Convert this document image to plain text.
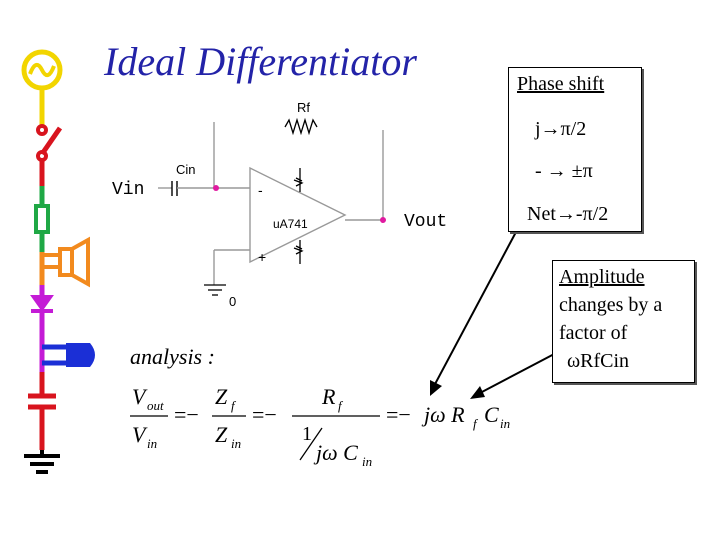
Ideal Differentiator
Rf
Cin
Vin
Vout
uA741
-
+
0
V out
V in
=−
Z f
Z in
=−
R f
1
jω C in
=− jω R f C in
analysis :
Phase shift
j→π/2
- → ±π
Net→-π/2
Amplitude
changes by a
factor of
ωRfCin
